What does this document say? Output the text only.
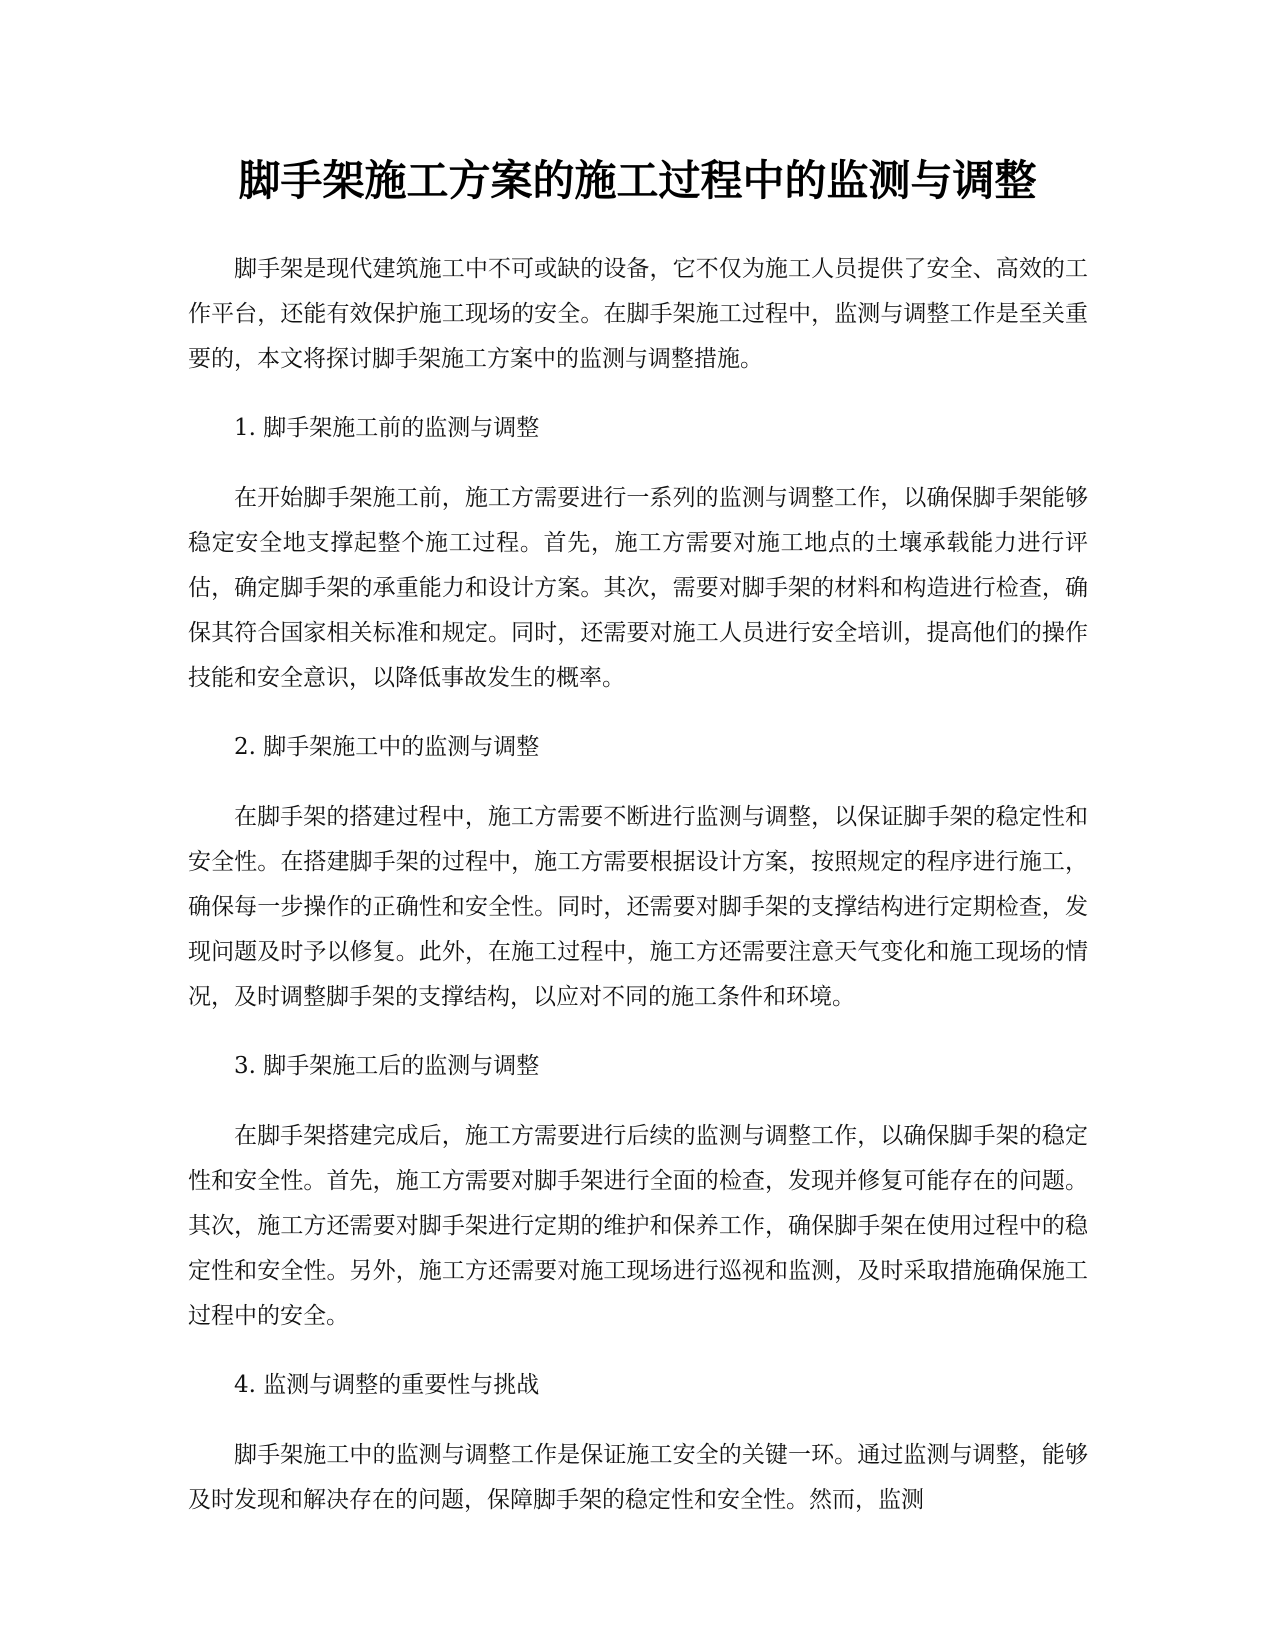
脚手架施工方案的施工过程中的监测与调整

脚手架是现代建筑施工中不可或缺的设备，它不仅为施工人员提供了安全、高效的工作平台，还能有效保护施工现场的安全。在脚手架施工过程中，监测与调整工作是至关重要的，本文将探讨脚手架施工方案中的监测与调整措施。

1. 脚手架施工前的监测与调整

在开始脚手架施工前，施工方需要进行一系列的监测与调整工作，以确保脚手架能够稳定安全地支撑起整个施工过程。首先，施工方需要对施工地点的土壤承载能力进行评估，确定脚手架的承重能力和设计方案。其次，需要对脚手架的材料和构造进行检查，确保其符合国家相关标准和规定。同时，还需要对施工人员进行安全培训，提高他们的操作技能和安全意识，以降低事故发生的概率。

2. 脚手架施工中的监测与调整

在脚手架的搭建过程中，施工方需要不断进行监测与调整，以保证脚手架的稳定性和安全性。在搭建脚手架的过程中，施工方需要根据设计方案，按照规定的程序进行施工，确保每一步操作的正确性和安全性。同时，还需要对脚手架的支撑结构进行定期检查，发现问题及时予以修复。此外，在施工过程中，施工方还需要注意天气变化和施工现场的情况，及时调整脚手架的支撑结构，以应对不同的施工条件和环境。

3. 脚手架施工后的监测与调整

在脚手架搭建完成后，施工方需要进行后续的监测与调整工作，以确保脚手架的稳定性和安全性。首先，施工方需要对脚手架进行全面的检查，发现并修复可能存在的问题。其次，施工方还需要对脚手架进行定期的维护和保养工作，确保脚手架在使用过程中的稳定性和安全性。另外，施工方还需要对施工现场进行巡视和监测，及时采取措施确保施工过程中的安全。

4. 监测与调整的重要性与挑战

脚手架施工中的监测与调整工作是保证施工安全的关键一环。通过监测与调整，能够及时发现和解决存在的问题，保障脚手架的稳定性和安全性。然而，监测
